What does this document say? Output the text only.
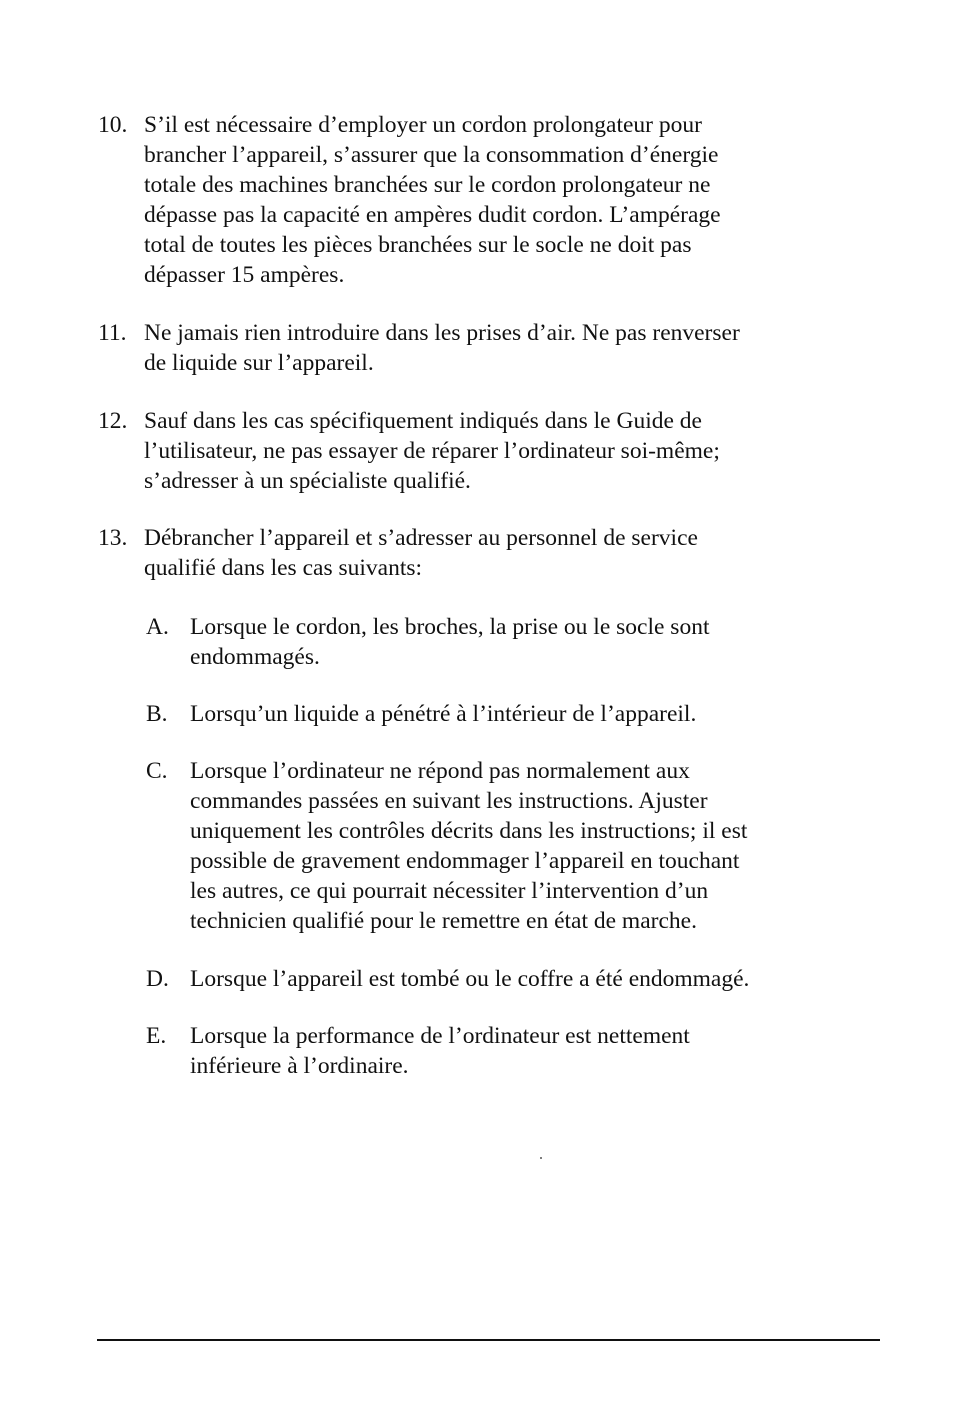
10. S’il est nécessaire d’employer un cordon prolongateur pour
brancher l’appareil, s’assurer que la consommation d’énergie
totale des machines branchées sur le cordon prolongateur ne
dépasse pas la capacité en ampères dudit cordon. L’ampérage
total de toutes les pièces branchées sur le socle ne doit pas
dépasser 15 ampères.
11. Ne jamais rien introduire dans les prises d’air. Ne pas renverser
de liquide sur l’appareil.
12. Sauf dans les cas spécifiquement indiqués dans le Guide de
l’utilisateur, ne pas essayer de réparer l’ordinateur soi-même;
s’adresser à un spécialiste qualifié.
13. Débrancher l’appareil et s’adresser au personnel de service
qualifié dans les cas suivants:
A. Lorsque le cordon, les broches, la prise ou le socle sont
endommagés.
B. Lorsqu’un liquide a pénétré à l’intérieur de l’appareil.
C. Lorsque l’ordinateur ne répond pas normalement aux
commandes passées en suivant les instructions. Ajuster
uniquement les contrôles décrits dans les instructions; il est
possible de gravement endommager l’appareil en touchant
les autres, ce qui pourrait nécessiter l’intervention d’un
technicien qualifié pour le remettre en état de marche.
D. Lorsque l’appareil est tombé ou le coffre a été endommagé.
E. Lorsque la performance de l’ordinateur est nettement
inférieure à l’ordinaire.
